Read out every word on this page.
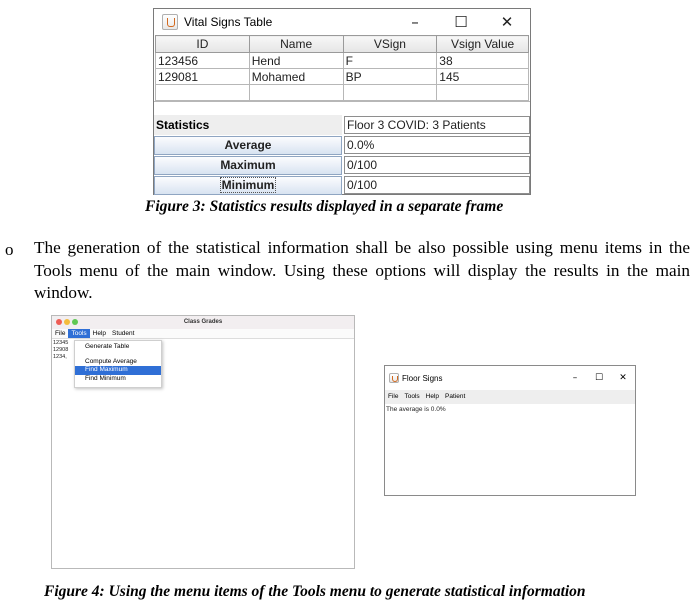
Vital Signs Table	–	☐	✕
ID	Name	VSign	Vsign Value
123456	Hend	F	38
129081	Mohamed	BP	145

Statistics	Floor 3 COVID: 3 Patients
Average	0.0%
Maximum	0/100
Minimum	0/100
Figure 3: Statistics results displayed in a separate frame
o The generation of the statistical information shall be also possible using menu items in the Tools menu of the main window. Using these options will display the results in the main window.
Class Grades
File Tools Help Student
12345
12908
1234,
Generate Table
Compute Average
Find Maximum
Find Minimum	Floor Signs	–	☐	✕
File Tools Help Patient
The average is 0.0%
Figure 4: Using the menu items of the Tools menu to generate statistical information
